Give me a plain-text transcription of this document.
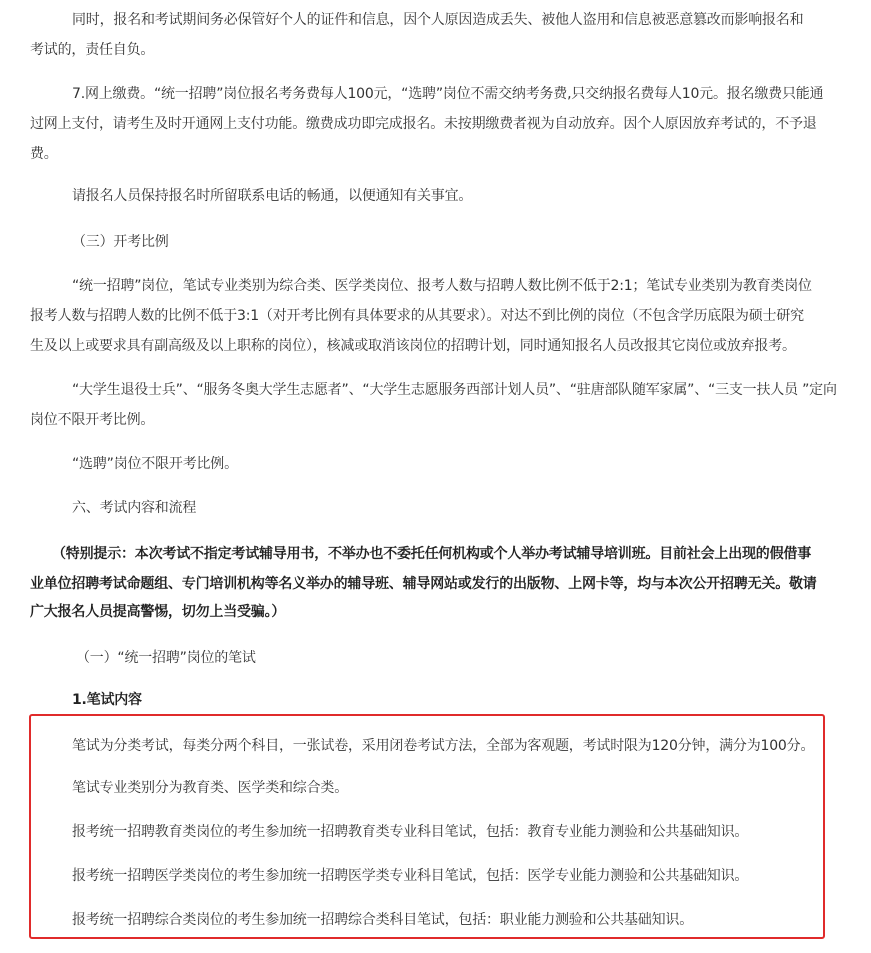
同时，报名和考试期间务必保管好个人的证件和信息，因个人原因造成丢失、被他人盗用和信息被恶意篡改而影响报名和
考试的，责任自负。
7.网上缴费。“统一招聘”岗位报名考务费每人100元，“选聘”岗位不需交纳考务费,只交纳报名费每人10元。报名缴费只能通
过网上支付，请考生及时开通网上支付功能。缴费成功即完成报名。未按期缴费者视为自动放弃。因个人原因放弃考试的，不予退
费。
请报名人员保持报名时所留联系电话的畅通，以便通知有关事宜。
（三）开考比例
“统一招聘”岗位，笔试专业类别为综合类、医学类岗位、报考人数与招聘人数比例不低于2:1；笔试专业类别为教育类岗位
报考人数与招聘人数的比例不低于3:1（对开考比例有具体要求的从其要求）。对达不到比例的岗位（不包含学历底限为硕士研究
生及以上或要求具有副高级及以上职称的岗位），核减或取消该岗位的招聘计划，同时通知报名人员改报其它岗位或放弃报考。
“大学生退役士兵”、“服务冬奥大学生志愿者”、“大学生志愿服务西部计划人员”、“驻唐部队随军家属”、“三支一扶人员 ”定向
岗位不限开考比例。
“选聘”岗位不限开考比例。
六、考试内容和流程
（特别提示：本次考试不指定考试辅导用书，不举办也不委托任何机构或个人举办考试辅导培训班。目前社会上出现的假借事
业单位招聘考试命题组、专门培训机构等名义举办的辅导班、辅导网站或发行的出版物、上网卡等，均与本次公开招聘无关。敬请
广大报名人员提高警惕，切勿上当受骗。）
（一）“统一招聘”岗位的笔试
1.笔试内容
笔试为分类考试，每类分两个科目，一张试卷，采用闭卷考试方法，全部为客观题，考试时限为120分钟，满分为100分。
笔试专业类别分为教育类、医学类和综合类。
报考统一招聘教育类岗位的考生参加统一招聘教育类专业科目笔试，包括：教育专业能力测验和公共基础知识。
报考统一招聘医学类岗位的考生参加统一招聘医学类专业科目笔试，包括：医学专业能力测验和公共基础知识。
报考统一招聘综合类岗位的考生参加统一招聘综合类科目笔试，包括：职业能力测验和公共基础知识。
